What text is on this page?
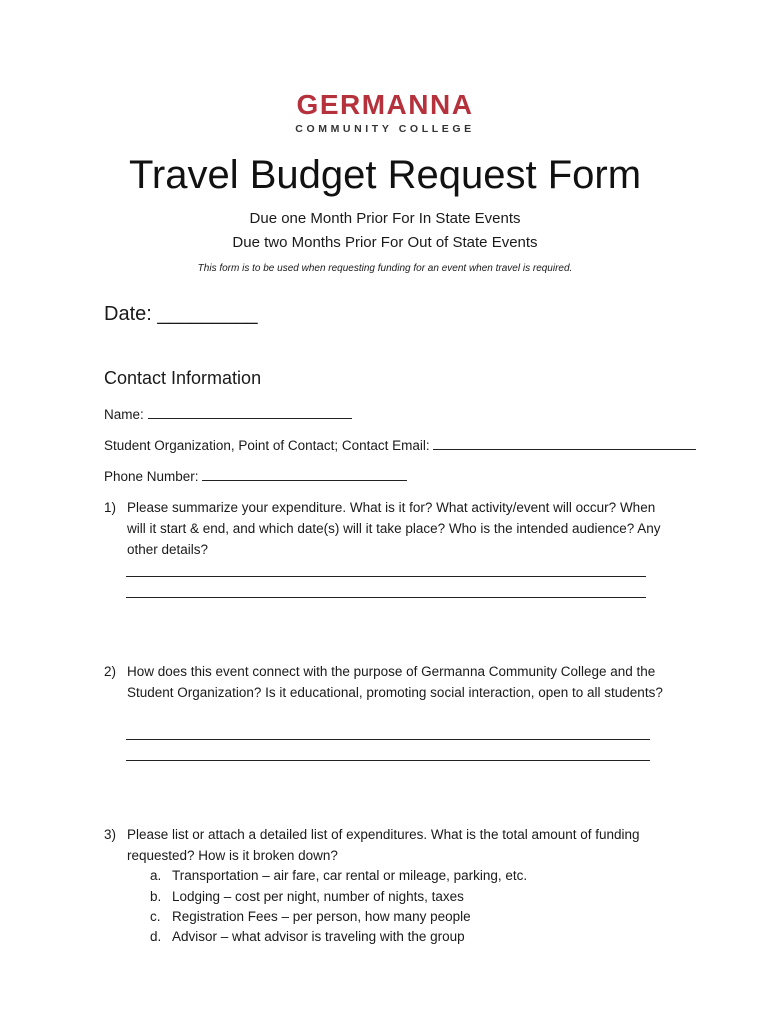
GERMANNA
COMMUNITY COLLEGE
Travel Budget Request Form
Due one Month Prior For In State Events
Due two Months Prior For Out of State Events
This form is to be used when requesting funding for an event when travel is required.
Date: _________
Contact Information
Name:
Student Organization, Point of Contact; Contact Email:
Phone Number:
1) Please summarize your expenditure. What is it for? What activity/event will occur? When will it start & end, and which date(s) will it take place? Who is the intended audience? Any other details?
2) How does this event connect with the purpose of Germanna Community College and the Student Organization? Is it educational, promoting social interaction, open to all students?
3) Please list or attach a detailed list of expenditures. What is the total amount of funding requested? How is it broken down?
a. Transportation – air fare, car rental or mileage, parking, etc.
b. Lodging – cost per night, number of nights, taxes
c. Registration Fees – per person, how many people
d. Advisor – what advisor is traveling with the group
